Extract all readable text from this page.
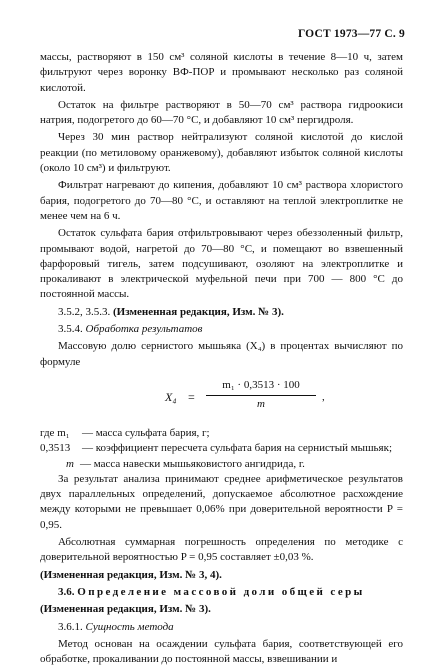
ГОСТ 1973—77 С. 9

массы, растворяют в 150 см³ соляной кислоты в течение 8—10 ч, затем фильтруют через воронку ВФ-ПОР и промывают несколько раз соляной кислотой.

Остаток на фильтре растворяют в 50—70 см³ раствора гидроокиси натрия, подогретого до 60—70 °С, и добавляют 10 см³ пергидроля.

Через 30 мин раствор нейтрализуют соляной кислотой до кислой реакции (по метиловому оранжевому), добавляют избыток соляной кислоты (около 10 см³) и фильтруют.

Фильтрат нагревают до кипения, добавляют 10 см³ раствора хлористого бария, подогретого до 70—80 °С, и оставляют на теплой электроплитке не менее чем на 6 ч.

Остаток сульфата бария отфильтровывают через обеззоленный фильтр, промывают водой, нагретой до 70—80 °С, и помещают во взвешенный фарфоровый тигель, затем подсушивают, озоляют на электроплитке и прокаливают в электрической муфельной печи при 700 — 800 °С до постоянной массы.

3.5.2, 3.5.3. (Измененная редакция, Изм. № 3).

3.5.4. Обработка результатов

Массовую долю сернистого мышьяка (X₄) в процентах вычисляют по формуле

$X_4 = \frac{\text{m₁ · 0,3513 · 100}}{m}$ ,
где m₁	— масса сульфата бария, г;
0,3513	— коэффициент пересчета сульфата бария на сернистый мышьяк;
m — масса навески мышьяковистого ангидрида, г.

За результат анализа принимают среднее арифметическое результатов двух параллельных определений, допускаемое абсолютное расхождение между которыми не превышает 0,06% при доверительной вероятности P = 0,95.

Абсолютная суммарная погрешность определения по методике с доверительной вероятностью P = 0,95 составляет ±0,03 %.

(Измененная редакция, Изм. № 3, 4).

3.6. Определение массовой доли общей серы

(Измененная редакция, Изм. № 3).

3.6.1. Сущность метода

Метод основан на осаждении сульфата бария, соответствующей его обработке, прокаливании до постоянной массы, взвешивании и
